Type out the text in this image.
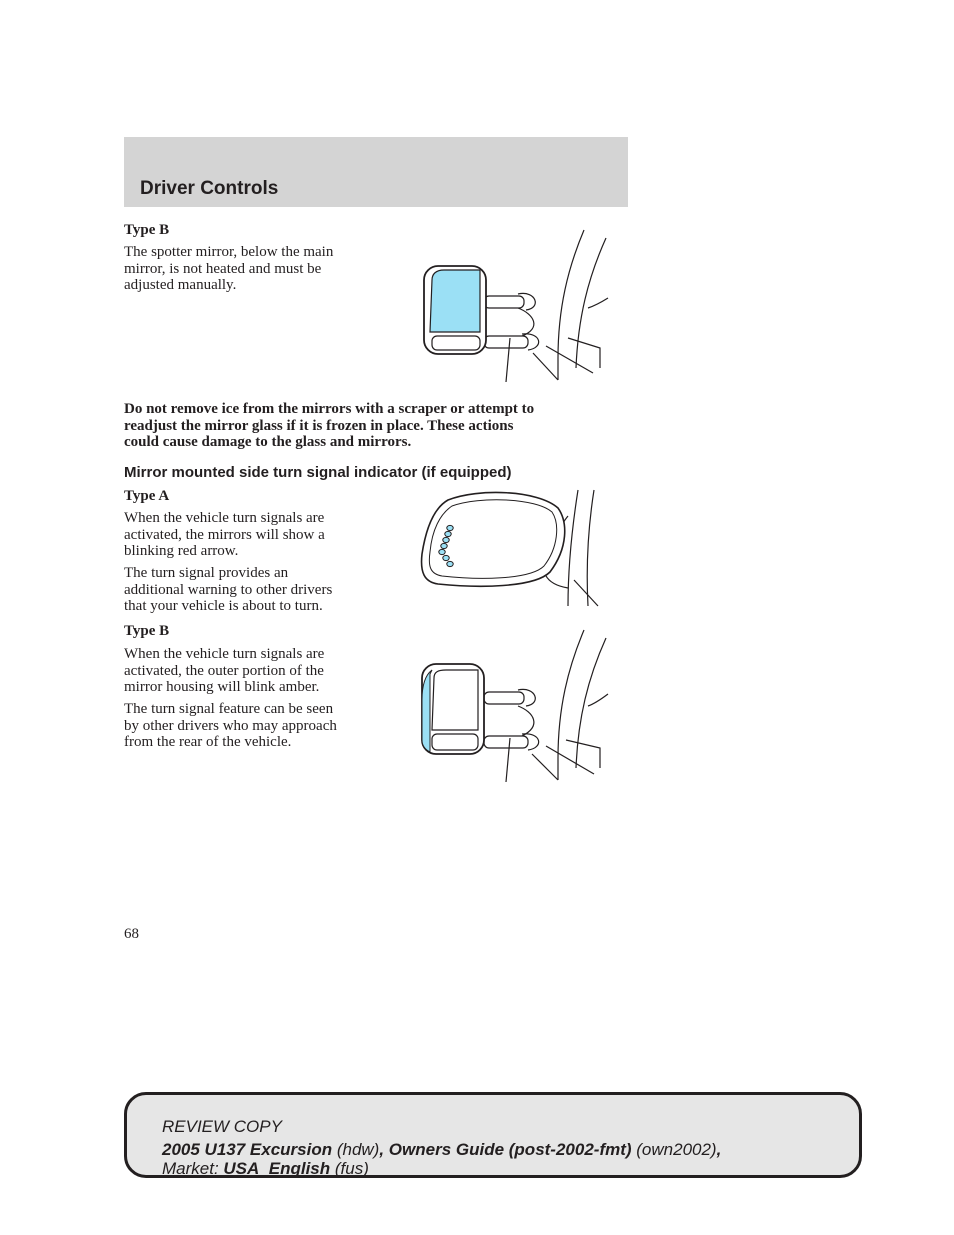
Driver Controls

Type B

The spotter mirror, below the main
mirror, is not heated and must be
adjusted manually.

Do not remove ice from the mirrors with a scraper or attempt to
readjust the mirror glass if it is frozen in place. These actions
could cause damage to the glass and mirrors.

Mirror mounted side turn signal indicator (if equipped)

Type A

When the vehicle turn signals are
activated, the mirrors will show a
blinking red arrow.

The turn signal provides an
additional warning to other drivers
that your vehicle is about to turn.

Type B

When the vehicle turn signals are
activated, the outer portion of the
mirror housing will blink amber.

The turn signal feature can be seen
by other drivers who may approach
from the rear of the vehicle.

68

REVIEW COPY

2005 U137 Excursion (hdw), Owners Guide (post-2002-fmt) (own2002),

Market: USA_English (fus)
